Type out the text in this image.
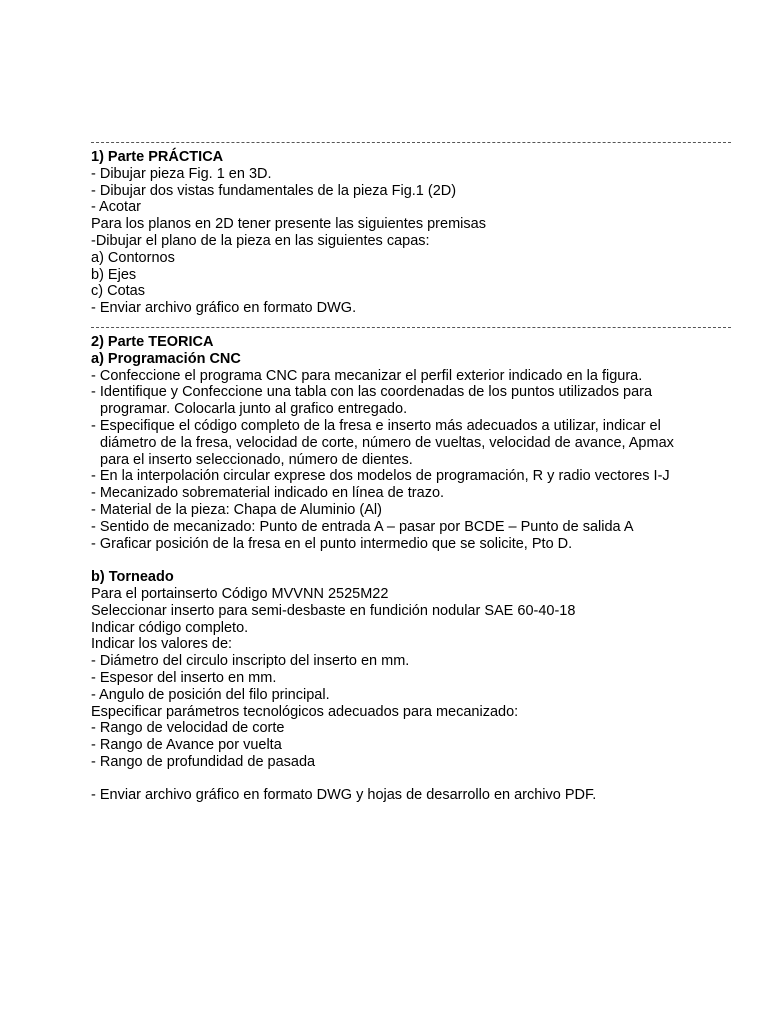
1) Parte PRÁCTICA
- Dibujar pieza Fig. 1 en 3D.
- Dibujar dos vistas fundamentales de la pieza Fig.1 (2D)
- Acotar
Para los planos en 2D tener presente las siguientes premisas
-Dibujar el plano de la pieza en las siguientes capas:
a) Contornos
b) Ejes
c) Cotas
- Enviar archivo gráfico en formato DWG.
2) Parte TEORICA
a) Programación CNC
- Confeccione el programa CNC para mecanizar el perfil exterior indicado en la figura.
- Identifique y Confeccione una tabla con las coordenadas de los puntos utilizados para
programar. Colocarla junto al grafico entregado.
- Especifique el código completo de la fresa e inserto más adecuados a utilizar, indicar el
diámetro de la fresa, velocidad de corte, número de vueltas, velocidad de avance, Apmax
para el inserto seleccionado, número de dientes.
- En la interpolación circular exprese dos modelos de programación, R y radio vectores I-J
- Mecanizado sobrematerial indicado en línea de trazo.
- Material de la pieza: Chapa de Aluminio (Al)
- Sentido de mecanizado: Punto de entrada A – pasar por BCDE – Punto de salida A
- Graficar posición de la fresa en el punto intermedio que se solicite, Pto D.
b) Torneado
Para el portainserto Código MVVNN 2525M22
Seleccionar inserto para semi-desbaste en fundición nodular SAE 60-40-18
Indicar código completo.
Indicar los valores de:
- Diámetro del circulo inscripto del inserto en mm.
- Espesor del inserto en mm.
- Angulo de posición del filo principal.
Especificar parámetros tecnológicos adecuados para mecanizado:
- Rango de velocidad de corte
- Rango de Avance por vuelta
- Rango de profundidad de pasada
- Enviar archivo gráfico en formato DWG y hojas de desarrollo en archivo PDF.
